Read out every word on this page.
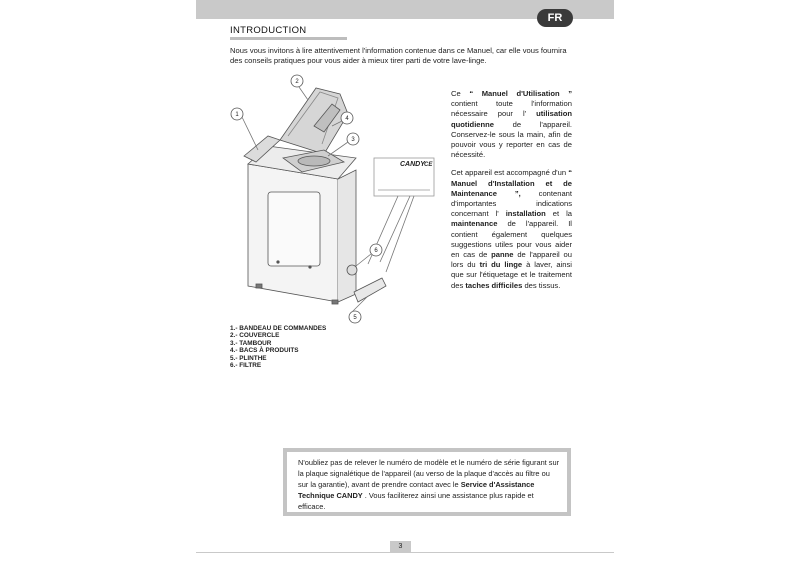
FR
INTRODUCTION
Nous vous invitons à lire attentivement l'information contenue dans ce Manuel, car elle vous fournira des conseils pratiques pour vous aider à mieux tirer parti de votre lave-linge.
1
2
3
4
5
6
CANDY CE
1.- BANDEAU DE COMMANDES
2.- COUVERCLE
3.- TAMBOUR
4.- BACS À PRODUITS
5.- PLINTHE
6.- FILTRE

Ce “ Manuel d'Utilisation ” contient toute l'information nécessaire pour l' utilisation quotidienne de l'appareil. Conservez-le sous la main, afin de pouvoir vous y reporter en cas de nécessité.

Cet appareil est accompagné d'un “ Manuel d'Installation et de Maintenance ”, contenant d'importantes indications concernant l' installation et la maintenance de l'appareil. Il contient également quelques suggestions utiles pour vous aider en cas de panne de l'appareil ou lors du tri du linge à laver, ainsi que sur l'étiquetage et le traitement des taches difficiles des tissus.

N'oubliez pas de relever le numéro de modèle et le numéro de série figurant sur la plaque signalétique de l'appareil (au verso de la plaque d'accès au filtre ou sur la garantie), avant de prendre contact avec le Service d'Assistance Technique CANDY . Vous faciliterez ainsi une assistance plus rapide et efficace.
3
